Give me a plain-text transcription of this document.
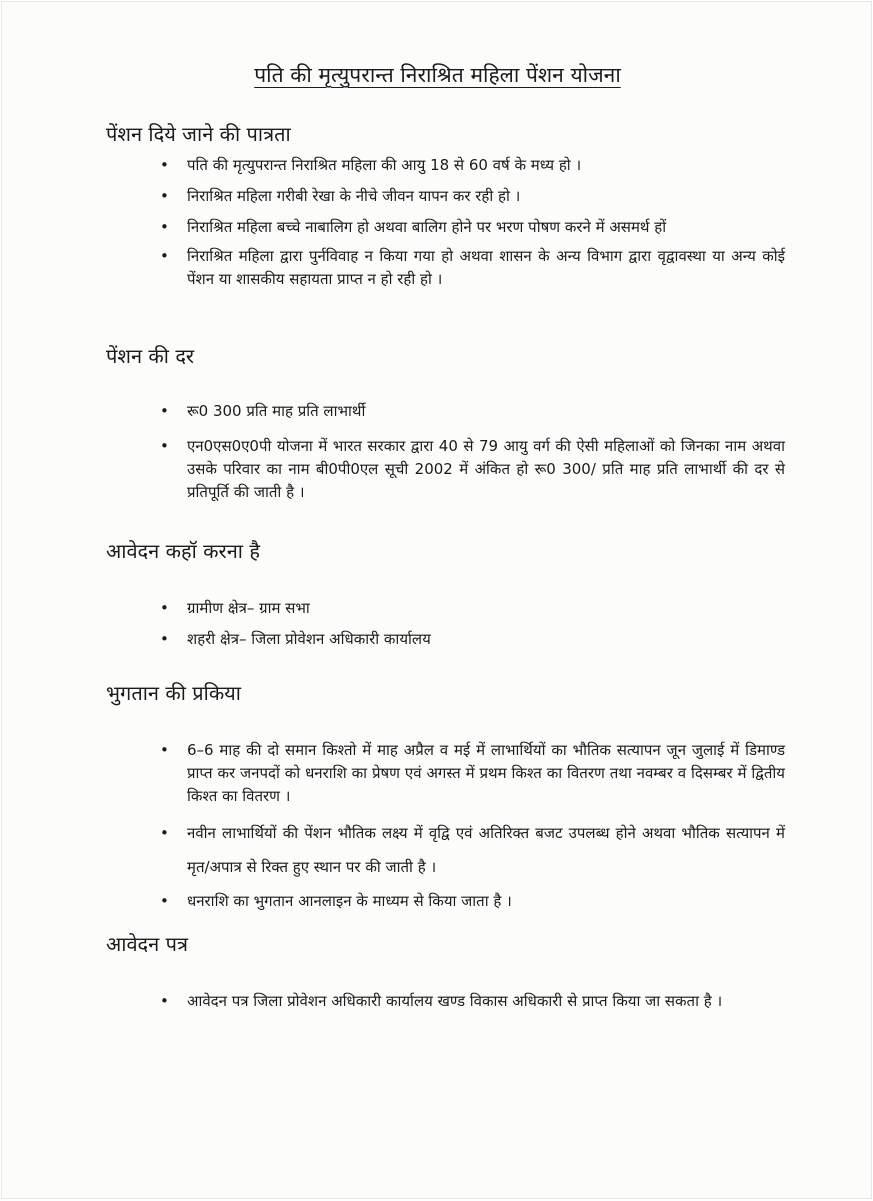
पति की मृत्युपरान्त निराश्रित महिला पेंशन योजना
पेंशन दिये जाने की पात्रता
• पति की मृत्युपरान्त निराश्रित महिला की आयु 18 से 60 वर्ष के मध्य हो ।
• निराश्रित महिला गरीबी रेखा के नीचे जीवन यापन कर रही हो ।
• निराश्रित महिला बच्चे नाबालिग हो अथवा बालिग होने पर भरण पोषण करने में असमर्थ हों
• निराश्रित महिला द्वारा पुर्नविवाह न किया गया हो अथवा शासन के अन्य विभाग द्वारा वृद्वावस्था या अन्य कोई पेंशन या शासकीय सहायता प्राप्त न हो रही हो ।
पेंशन की दर
• रू0 300 प्रति माह प्रति लाभार्थी
• एन0एस0ए0पी योजना में भारत सरकार द्वारा 40 से 79 आयु वर्ग की ऐसी महिलाओं को जिनका नाम अथवा उसके परिवार का नाम बी0पी0एल सूची 2002 में अंकित हो रू0 300/ प्रति माह प्रति लाभार्थी की दर से प्रतिपूर्ति की जाती है ।
आवेदन कहॉ करना है
• ग्रामीण क्षेत्र– ग्राम सभा
• शहरी क्षेत्र– जिला प्रोवेशन अधिकारी कार्यालय
भुगतान की प्रकिया
• 6–6 माह की दो समान किश्तो में माह अप्रैल व मई में लाभार्थियों का भौतिक सत्यापन जून जुलाई में डिमाण्ड प्राप्त कर जनपदों को धनराशि का प्रेषण एवं अगस्त में प्रथम किश्त का वितरण तथा नवम्बर व दिसम्बर में द्वितीय किश्त का वितरण ।
• नवीन लाभार्थियों की पेंशन भौतिक लक्ष्य में वृद्वि एवं अतिरिक्त बजट उपलब्ध होने अथवा भौतिक सत्यापन में मृत/अपात्र से रिक्त हुए स्थान पर की जाती है ।
• धनराशि का भुगतान आनलाइन के माध्यम से किया जाता है ।
आवेदन पत्र
• आवेदन पत्र जिला प्रोवेशन अधिकारी कार्यालय खण्ड विकास अधिकारी से प्राप्त किया जा सकता है ।
